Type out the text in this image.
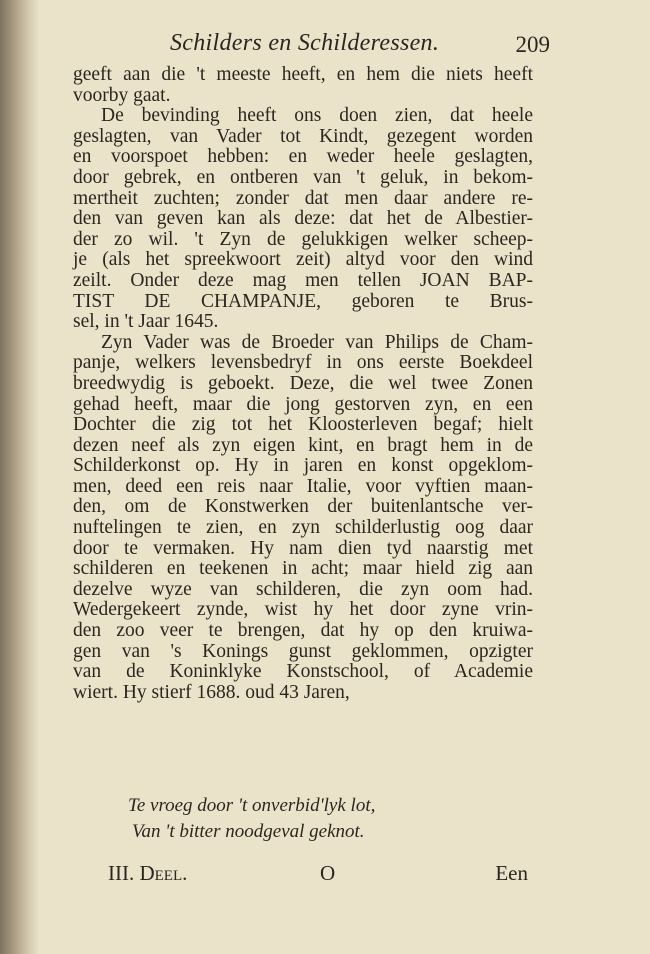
Schilders en Schilderessen.	209
geeft aan die 't meeste heeft, en hem die niets heeft
voorby gaat.
De bevinding heeft ons doen zien, dat heele
geslagten, van Vader tot Kindt, gezegent worden
en voorspoet hebben: en weder heele geslagten,
door gebrek, en ontberen van 't geluk, in bekom-
mertheit zuchten; zonder dat men daar andere re-
den van geven kan als deze: dat het de Albestier-
der zo wil. 't Zyn de gelukkigen welker scheep-
je (als het spreekwoort zeit) altyd voor den wind
zeilt. Onder deze mag men tellen JOAN BAP-
TIST DE CHAMPANJE, geboren te Brus-
sel, in 't Jaar 1645.
Zyn Vader was de Broeder van Philips de Cham-
panje, welkers levensbedryf in ons eerste Boekdeel
breedwydig is geboekt. Deze, die wel twee Zonen
gehad heeft, maar die jong gestorven zyn, en een
Dochter die zig tot het Kloosterleven begaf; hielt
dezen neef als zyn eigen kint, en bragt hem in de
Schilderkonst op. Hy in jaren en konst opgeklom-
men, deed een reis naar Italie, voor vyftien maan-
den, om de Konstwerken der buitenlantsche ver-
nuftelingen te zien, en zyn schilderlustig oog daar
door te vermaken. Hy nam dien tyd naarstig met
schilderen en teekenen in acht; maar hield zig aan
dezelve wyze van schilderen, die zyn oom had.
Wedergekeert zynde, wist hy het door zyne vrin-
den zoo veer te brengen, dat hy op den kruiwa-
gen van 's Konings gunst geklommen, opzigter
van de Koninklyke Konstschool, of Academie
wiert. Hy stierf 1688. oud 43 Jaren,
Te vroeg door 't onverbid'lyk lot,
Van 't bitter noodgeval geknot.
III. Deel.	O	Een
